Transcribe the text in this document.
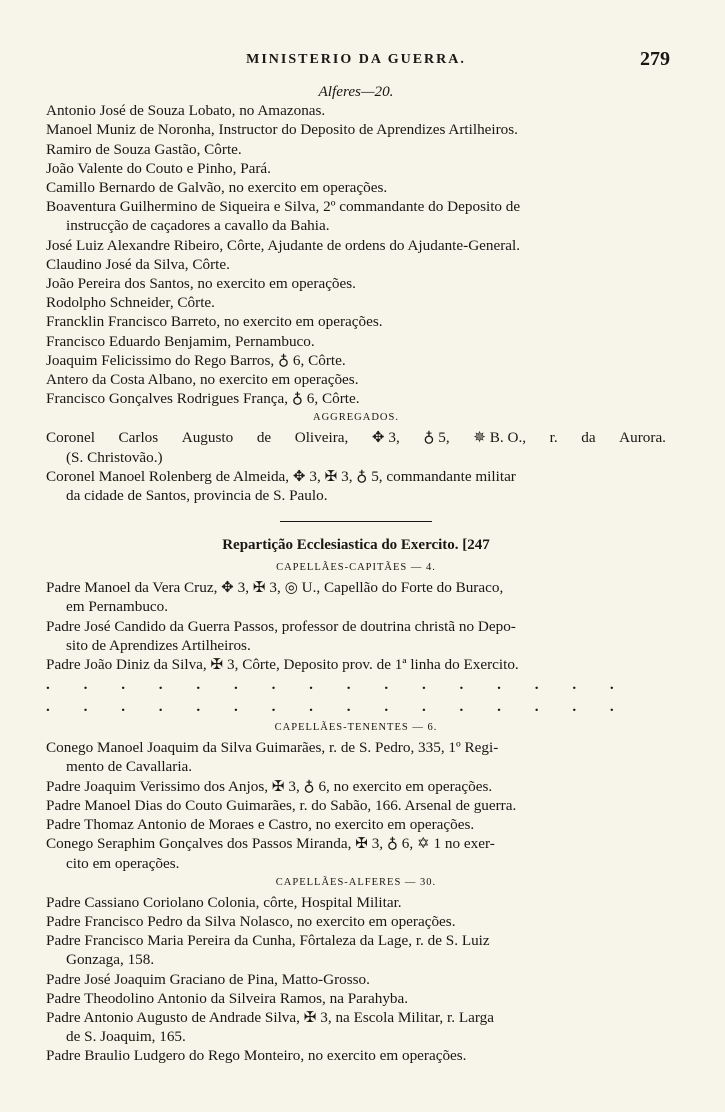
MINISTERIO DA GUERRA.	279
Alferes—20.
Antonio José de Souza Lobato, no Amazonas.
Manoel Muniz de Noronha, Instructor do Deposito de Aprendizes Artilheiros.
Ramiro de Souza Gastão, Côrte.
João Valente do Couto e Pinho, Pará.
Camillo Bernardo de Galvão, no exercito em operações.
Boaventura Guilhermino de Siqueira e Silva, 2º commandante do Deposito de
instrucção de caçadores a cavallo da Bahia.
José Luiz Alexandre Ribeiro, Côrte, Ajudante de ordens do Ajudante-General.
Claudino José da Silva, Côrte.
João Pereira dos Santos, no exercito em operações.
Rodolpho Schneider, Côrte.
Francklin Francisco Barreto, no exercito em operações.
Francisco Eduardo Benjamim, Pernambuco.
Joaquim Felicissimo do Rego Barros, ♁ 6, Côrte.
Antero da Costa Albano, no exercito em operações.
Francisco Gonçalves Rodrigues França, ♁ 6, Côrte.
AGGREGADOS.
Coronel Carlos Augusto de Oliveira, ✥ 3, ♁ 5, ✵ B. O., r. da Aurora.
(S. Christovão.)
Coronel Manoel Rolenberg de Almeida, ✥ 3, ✠ 3, ♁ 5, commandante militar
da cidade de Santos, provincia de S. Paulo.
Repartição Ecclesiastica do Exercito. [247
CAPELLÃES-CAPITÃES — 4.
Padre Manoel da Vera Cruz, ✥ 3, ✠ 3, ◎ U., Capellão do Forte do Buraco,
em Pernambuco.
Padre José Candido da Guerra Passos, professor de doutrina christã no Depo-
sito de Aprendizes Artilheiros.
Padre João Diniz da Silva, ✠ 3, Côrte, Deposito prov. de 1ª linha do Exercito.
. . . . . . . . . . . . . . . . . . . . . . . . . . . . . . . .
CAPELLÃES-TENENTES — 6.
Conego Manoel Joaquim da Silva Guimarães, r. de S. Pedro, 335, 1º Regi-
mento de Cavallaria.
Padre Joaquim Verissimo dos Anjos, ✠ 3, ♁ 6, no exercito em operações.
Padre Manoel Dias do Couto Guimarães, r. do Sabão, 166. Arsenal de guerra.
Padre Thomaz Antonio de Moraes e Castro, no exercito em operações.
Conego Seraphim Gonçalves dos Passos Miranda, ✠ 3, ♁ 6, ✡ 1 no exer-
cito em operações.
CAPELLÃES-ALFERES — 30.
Padre Cassiano Coriolano Colonia, côrte, Hospital Militar.
Padre Francisco Pedro da Silva Nolasco, no exercito em operações.
Padre Francisco Maria Pereira da Cunha, Fôrtaleza da Lage, r. de S. Luiz
Gonzaga, 158.
Padre José Joaquim Graciano de Pina, Matto-Grosso.
Padre Theodolino Antonio da Silveira Ramos, na Parahyba.
Padre Antonio Augusto de Andrade Silva, ✠ 3, na Escola Militar, r. Larga
de S. Joaquim, 165.
Padre Braulio Ludgero do Rego Monteiro, no exercito em operações.
